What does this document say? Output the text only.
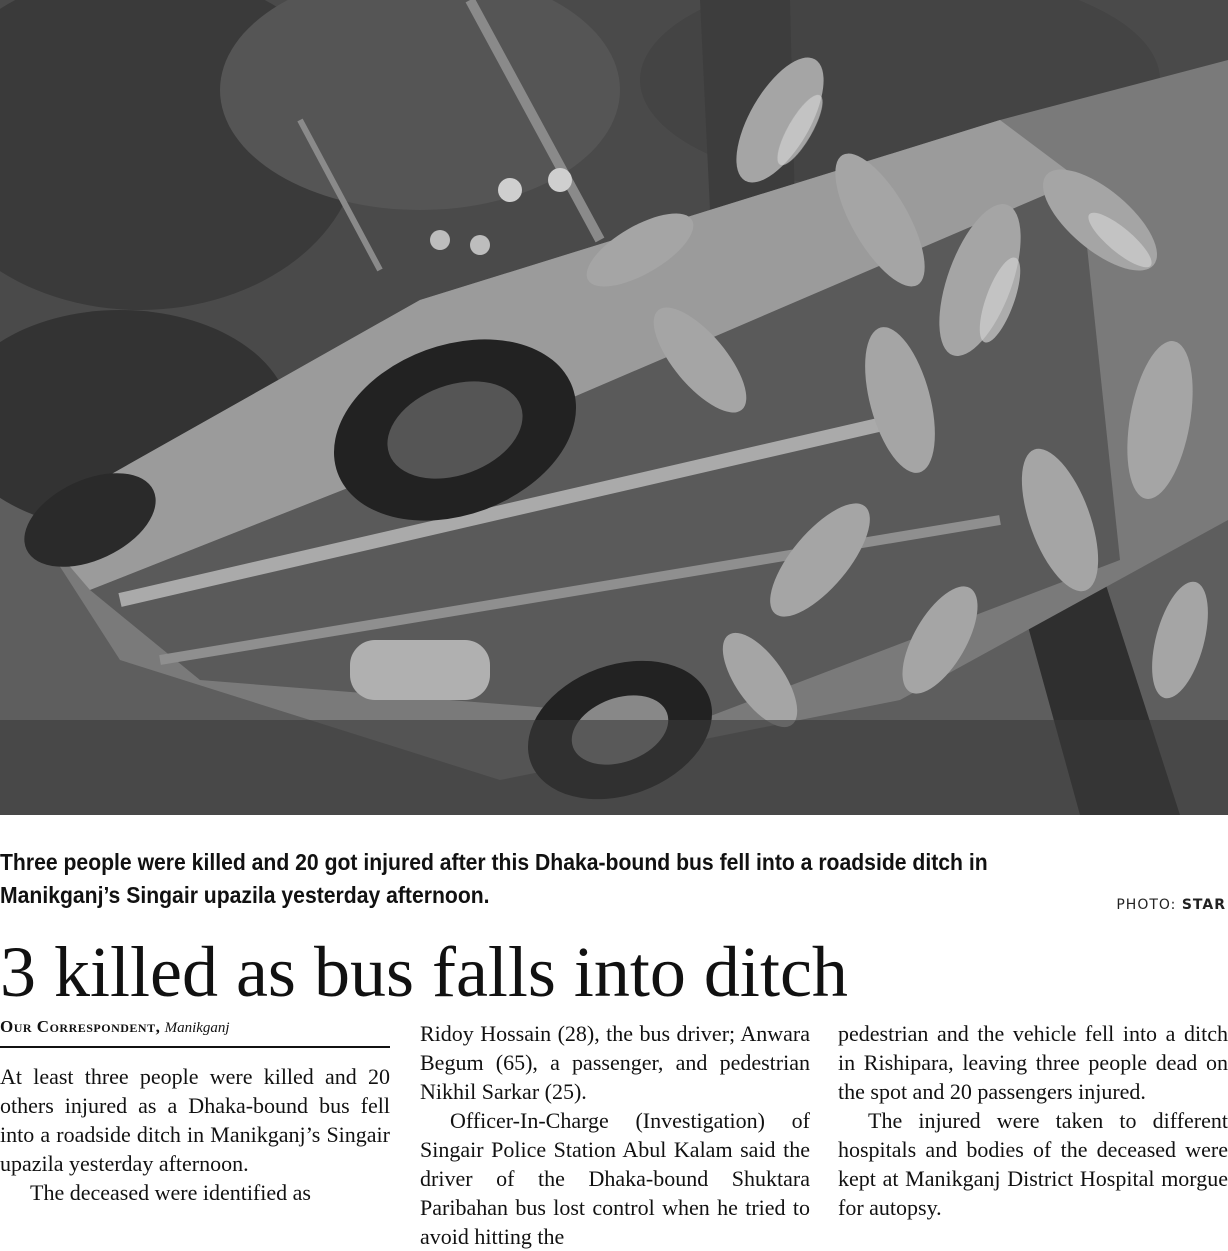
Three people were killed and 20 got injured after this Dhaka-bound bus fell into a roadside ditch in Manikganj’s Singair upazila yesterday afternoon.	PHOTO: STAR
3 killed as bus falls into ditch
Our Correspondent, Manikganj

At least three people were killed and 20 others injured as a Dhaka-bound bus fell into a roadside ditch in Manikganj’s Singair upazila yesterday afternoon.

The deceased were identified as

Ridoy Hossain (28), the bus driver; Anwara Begum (65), a passenger, and pedestrian Nikhil Sarkar (25).

Officer-In-Charge (Investigation) of Singair Police Station Abul Kalam said the driver of the Dhaka-bound Shuktara Paribahan bus lost control when he tried to avoid hitting the

pedestrian and the vehicle fell into a ditch in Rishipara, leaving three people dead on the spot and 20 passengers injured.

The injured were taken to different hospitals and bodies of the deceased were kept at Manikganj District Hospital morgue for autopsy.
